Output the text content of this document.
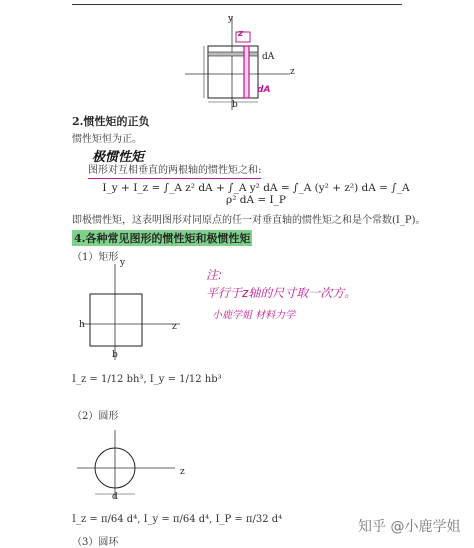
y
z
dA
b
z
dA
2.惯性矩的正负
惯性矩恒为正。
极惯性矩
图形对互相垂直的两根轴的惯性矩之和:
I_y + I_z = ∫_A z² dA + ∫_A y² dA = ∫_A (y² + z²) dA = ∫_A ρ² dA = I_P
即极惯性矩，这表明图形对同原点的任一对垂直轴的惯性矩之和是个常数(I_P)。
4.各种常见图形的惯性矩和极惯性矩
（1）矩形 y
z
h
b
I_z = 1/12 bh³, I_y = 1/12 hb³
注:
平行于z轴的尺寸取一次方。
小鹿学姐 材料力学
（2）圆形
z
d
I_z = π/64 d⁴, I_y = π/64 d⁴, I_P = π/32 d⁴
（3）圆环
知乎 @小鹿学姐
